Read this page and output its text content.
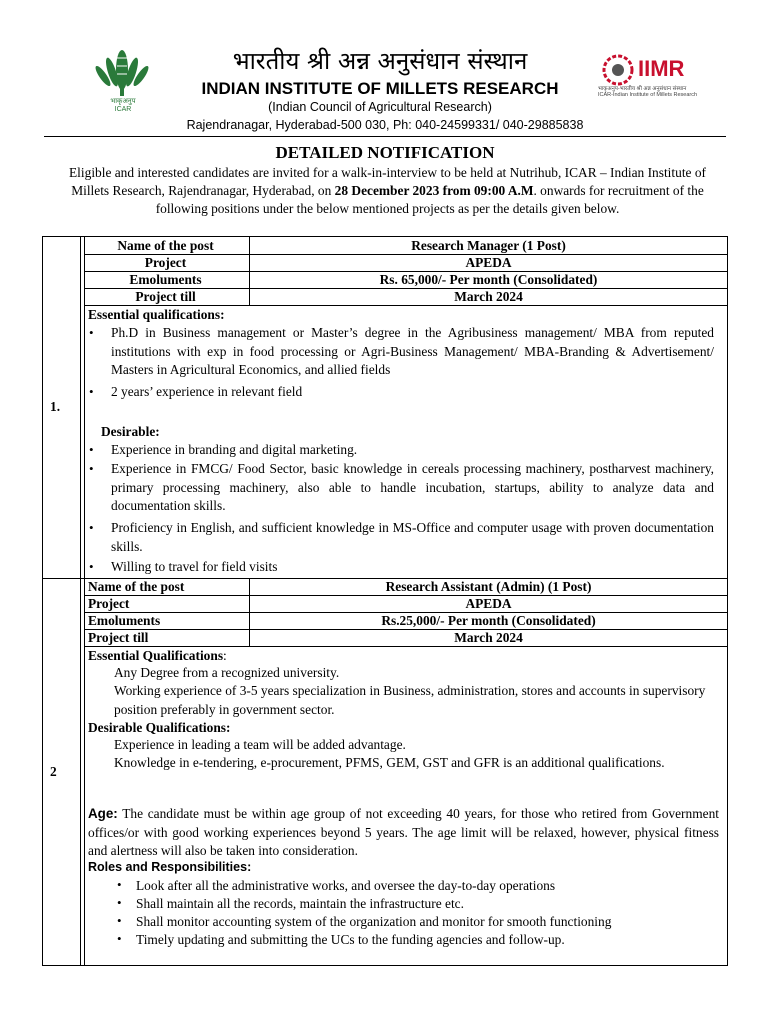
भाकृअनुप
ICAR
भारतीय श्री अन्न अनुसंधान संस्थान
INDIAN INSTITUTE OF MILLETS RESEARCH
(Indian Council of Agricultural Research)
Rajendranagar, Hyderabad-500 030, Ph: 040-24599331/ 040-29885838
IIMR
भाकृअनुप-भारतीय श्री अन्न अनुसंधान संस्थान
ICAR-Indian Institute of Millets Research
DETAILED NOTIFICATION
Eligible and interested candidates are invited for a walk-in-interview to be held at Nutrihub, ICAR – Indian Institute of Millets Research, Rajendranagar, Hyderabad, on 28 December 2023 from 09:00 A.M. onwards for recruitment of the following positions under the below mentioned projects as per the details given below.
1.
Name of the post	Research Manager (1 Post)
Project	APEDA
Emoluments	Rs. 65,000/- Per month (Consolidated)
Project till	March 2024
Essential qualifications:
• Ph.D in Business management or Master’s degree in the Agribusiness management/ MBA from reputed institutions with exp in food processing or Agri-Business Management/ MBA-Branding & Advertisement/ Masters in Agricultural Economics, and allied fields
• 2 years’ experience in relevant field
Desirable:
• Experience in branding and digital marketing.
• Experience in FMCG/ Food Sector, basic knowledge in cereals processing machinery, postharvest machinery, primary processing machinery, also able to handle incubation, startups, ability to analyze data and documentation skills.
• Proficiency in English, and sufficient knowledge in MS-Office and computer usage with proven documentation skills.
• Willing to travel for field visits
2
Name of the post	Research Assistant (Admin) (1 Post)
Project	APEDA
Emoluments	Rs.25,000/- Per month (Consolidated)
Project till	March 2024
Essential Qualifications:
Any Degree from a recognized university.
Working experience of 3-5 years specialization in Business, administration, stores and accounts in supervisory position preferably in government sector.
Desirable Qualifications:
Experience in leading a team will be added advantage.
Knowledge in e-tendering, e-procurement, PFMS, GEM, GST and GFR is an additional qualifications.
Age: The candidate must be within age group of not exceeding 40 years, for those who retired from Government offices/or with good working experiences beyond 5 years. The age limit will be relaxed, however, physical fitness and alertness will also be taken into consideration.
Roles and Responsibilities:
• Look after all the administrative works, and oversee the day-to-day operations
• Shall maintain all the records, maintain the infrastructure etc.
• Shall monitor accounting system of the organization and monitor for smooth functioning
• Timely updating and submitting the UCs to the funding agencies and follow-up.
